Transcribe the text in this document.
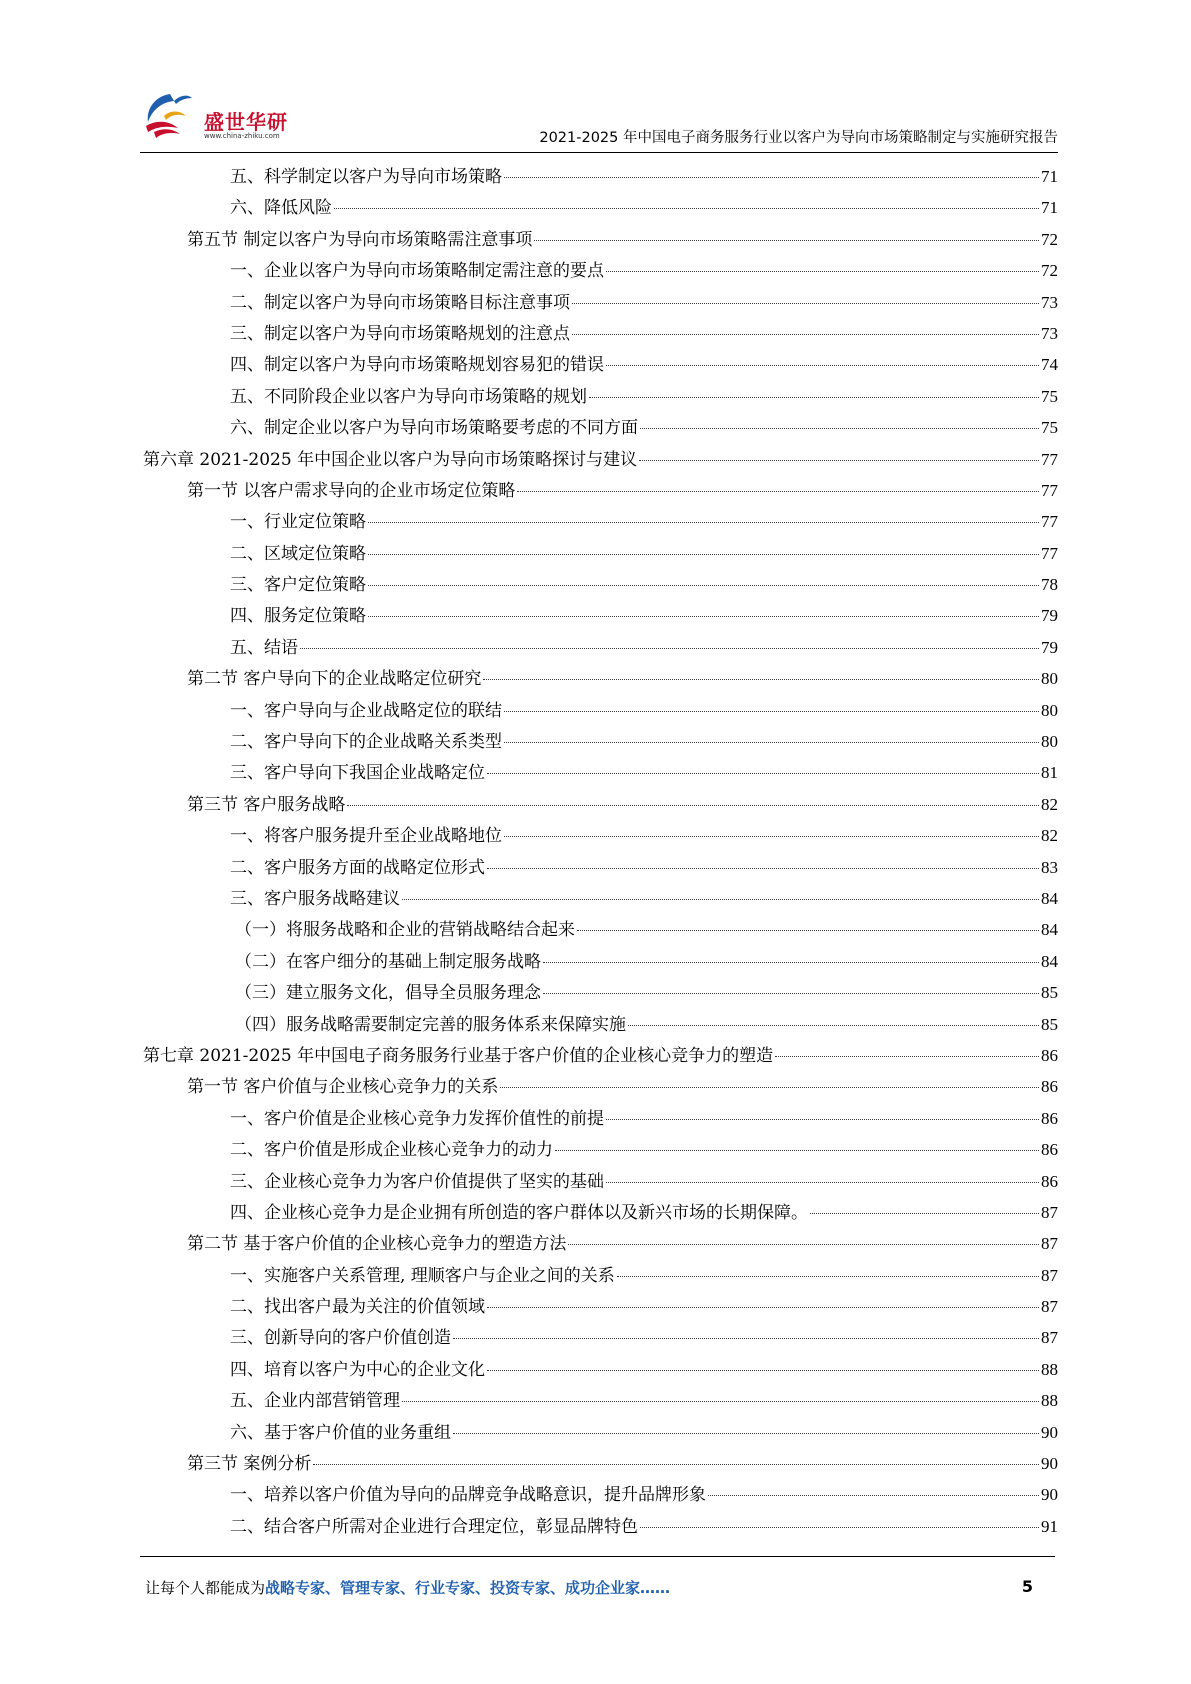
盛世华研
www.china-zhiku.com	2021-2025 年中国电子商务服务行业以客户为导向市场策略制定与实施研究报告
五、科学制定以客户为导向市场策略	71
六、降低风险	71
第五节 制定以客户为导向市场策略需注意事项	72
一、企业以客户为导向市场策略制定需注意的要点	72
二、制定以客户为导向市场策略目标注意事项	73
三、制定以客户为导向市场策略规划的注意点	73
四、制定以客户为导向市场策略规划容易犯的错误	74
五、不同阶段企业以客户为导向市场策略的规划	75
六、制定企业以客户为导向市场策略要考虑的不同方面	75
第六章 2021-2025 年中国企业以客户为导向市场策略探讨与建议	77
第一节 以客户需求导向的企业市场定位策略	77
一、行业定位策略	77
二、区域定位策略	77
三、客户定位策略	78
四、服务定位策略	79
五、结语	79
第二节 客户导向下的企业战略定位研究	80
一、客户导向与企业战略定位的联结	80
二、客户导向下的企业战略关系类型	80
三、客户导向下我国企业战略定位	81
第三节 客户服务战略	82
一、将客户服务提升至企业战略地位	82
二、客户服务方面的战略定位形式	83
三、客户服务战略建议	84
（一）将服务战略和企业的营销战略结合起来	84
（二）在客户细分的基础上制定服务战略	84
（三）建立服务文化，倡导全员服务理念	85
（四）服务战略需要制定完善的服务体系来保障实施	85
第七章 2021-2025 年中国电子商务服务行业基于客户价值的企业核心竞争力的塑造	86
第一节 客户价值与企业核心竞争力的关系	86
一、客户价值是企业核心竞争力发挥价值性的前提	86
二、客户价值是形成企业核心竞争力的动力	86
三、企业核心竞争力为客户价值提供了坚实的基础	86
四、企业核心竞争力是企业拥有所创造的客户群体以及新兴市场的长期保障。	87
第二节 基于客户价值的企业核心竞争力的塑造方法	87
一、实施客户关系管理, 理顺客户与企业之间的关系	87
二、找出客户最为关注的价值领域	87
三、创新导向的客户价值创造	87
四、培育以客户为中心的企业文化	88
五、企业内部营销管理	88
六、基于客户价值的业务重组	90
第三节 案例分析	90
一、培养以客户价值为导向的品牌竞争战略意识，提升品牌形象	90
二、结合客户所需对企业进行合理定位，彰显品牌特色	91
让每个人都能成为战略专家、管理专家、行业专家、投资专家、成功企业家……	5
